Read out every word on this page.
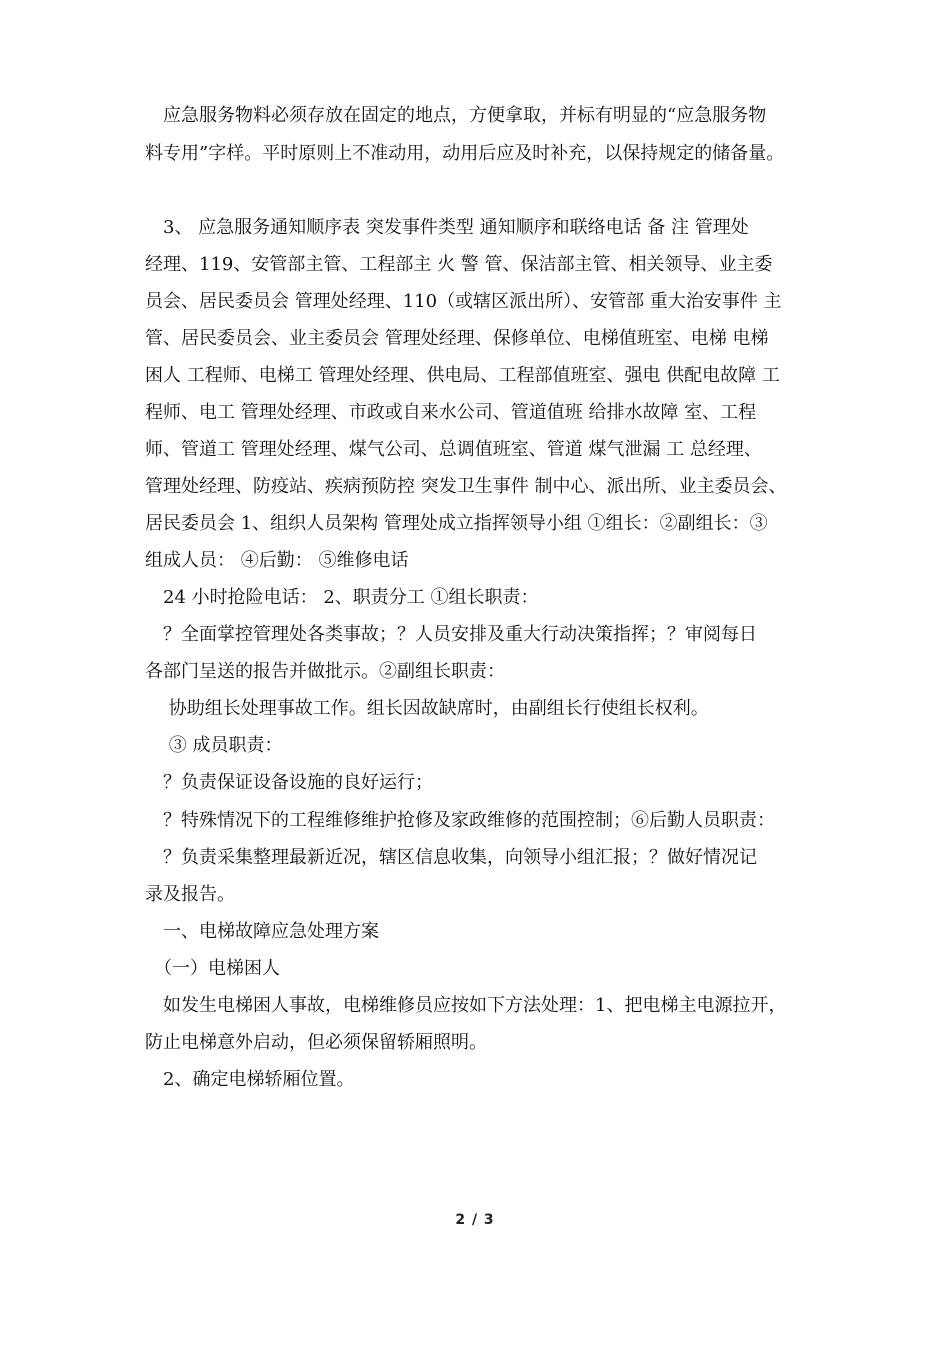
　应急服务物料必须存放在固定的地点，方便拿取，并标有明显的“应急服务物
料专用”字样。平时原则上不准动用，动用后应及时补充，以保持规定的储备量。
　3、 应急服务通知顺序表 突发事件类型 通知顺序和联络电话 备 注 管理处
经理、119、安管部主管、工程部主 火 警 管、保洁部主管、相关领导、业主委
员会、居民委员会 管理处经理、110（或辖区派出所）、安管部 重大治安事件 主
管、居民委员会、业主委员会 管理处经理、保修单位、电梯值班室、电梯 电梯
困人 工程师、电梯工 管理处经理、供电局、工程部值班室、强电 供配电故障 工
程师、电工 管理处经理、市政或自来水公司、管道值班 给排水故障 室、工程
师、管道工 管理处经理、煤气公司、总调值班室、管道 煤气泄漏 工 总经理、
管理处经理、防疫站、疾病预防控 突发卫生事件 制中心、派出所、业主委员会、
居民委员会 1、组织人员架构 管理处成立指挥领导小组 ①组长：②副组长：③
组成人员： ④后勤： ⑤维修电话
　24 小时抢险电话： 2、职责分工 ①组长职责：
　？全面掌控管理处各类事故；？人员安排及重大行动决策指挥；？审阅每日
各部门呈送的报告并做批示。②副组长职责：
　 协助组长处理事故工作。组长因故缺席时，由副组长行使组长权利。
　 ③ 成员职责：
　？负责保证设备设施的良好运行；
　？特殊情况下的工程维修维护抢修及家政维修的范围控制；⑥后勤人员职责：
　？负责采集整理最新近况，辖区信息收集，向领导小组汇报；？做好情况记
录及报告。
　一、电梯故障应急处理方案
　（一）电梯困人
　如发生电梯困人事故，电梯维修员应按如下方法处理：1、把电梯主电源拉开，
防止电梯意外启动，但必须保留轿厢照明。
　2、确定电梯轿厢位置。
2 / 3
